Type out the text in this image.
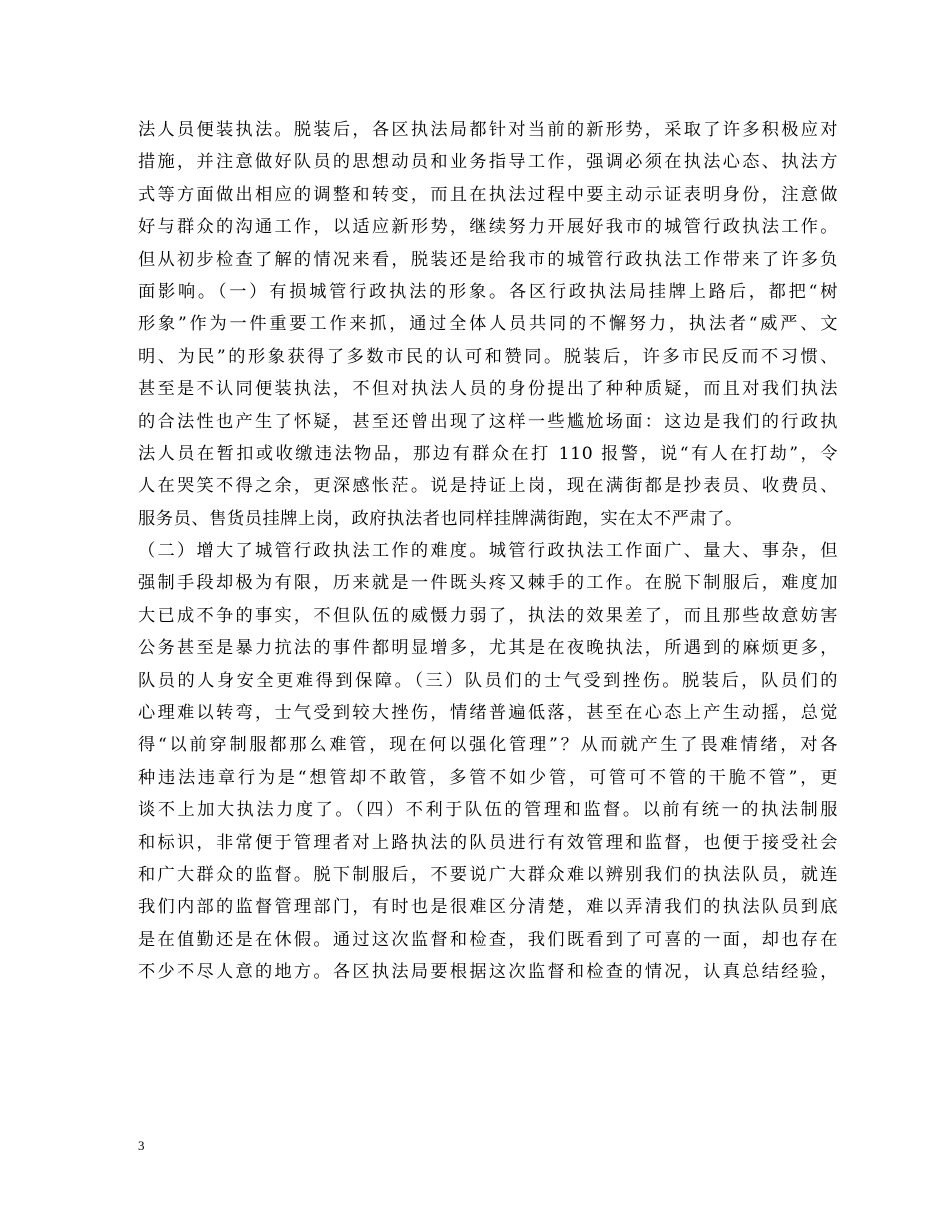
法人员便装执法。脱装后，各区执法局都针对当前的新形势，采取了许多积极应对
措施，并注意做好队员的思想动员和业务指导工作，强调必须在执法心态、执法方
式等方面做出相应的调整和转变，而且在执法过程中要主动示证表明身份，注意做
好与群众的沟通工作，以适应新形势，继续努力开展好我市的城管行政执法工作。
但从初步检查了解的情况来看，脱装还是给我市的城管行政执法工作带来了许多负
面影响。（一）有损城管行政执法的形象。各区行政执法局挂牌上路后，都把“树
形象”作为一件重要工作来抓，通过全体人员共同的不懈努力，执法者“威严、文
明、为民”的形象获得了多数市民的认可和赞同。脱装后，许多市民反而不习惯、
甚至是不认同便装执法，不但对执法人员的身份提出了种种质疑，而且对我们执法
的合法性也产生了怀疑，甚至还曾出现了这样一些尴尬场面：这边是我们的行政执
法人员在暂扣或收缴违法物品，那边有群众在打 110 报警，说“有人在打劫”，令
人在哭笑不得之余，更深感怅茫。说是持证上岗，现在满街都是抄表员、收费员、
服务员、售货员挂牌上岗，政府执法者也同样挂牌满街跑，实在太不严肃了。
（二）增大了城管行政执法工作的难度。城管行政执法工作面广、量大、事杂，但
强制手段却极为有限，历来就是一件既头疼又棘手的工作。在脱下制服后，难度加
大已成不争的事实，不但队伍的威慑力弱了，执法的效果差了，而且那些故意妨害
公务甚至是暴力抗法的事件都明显增多，尤其是在夜晚执法，所遇到的麻烦更多，
队员的人身安全更难得到保障。（三）队员们的士气受到挫伤。脱装后，队员们的
心理难以转弯，士气受到较大挫伤，情绪普遍低落，甚至在心态上产生动摇，总觉
得“以前穿制服都那么难管，现在何以强化管理”？从而就产生了畏难情绪，对各
种违法违章行为是“想管却不敢管，多管不如少管，可管可不管的干脆不管”，更
谈不上加大执法力度了。（四）不利于队伍的管理和监督。以前有统一的执法制服
和标识，非常便于管理者对上路执法的队员进行有效管理和监督，也便于接受社会
和广大群众的监督。脱下制服后，不要说广大群众难以辨别我们的执法队员，就连
我们内部的监督管理部门，有时也是很难区分清楚，难以弄清我们的执法队员到底
是在值勤还是在休假。通过这次监督和检查，我们既看到了可喜的一面，却也存在
不少不尽人意的地方。各区执法局要根据这次监督和检查的情况，认真总结经验，
3
